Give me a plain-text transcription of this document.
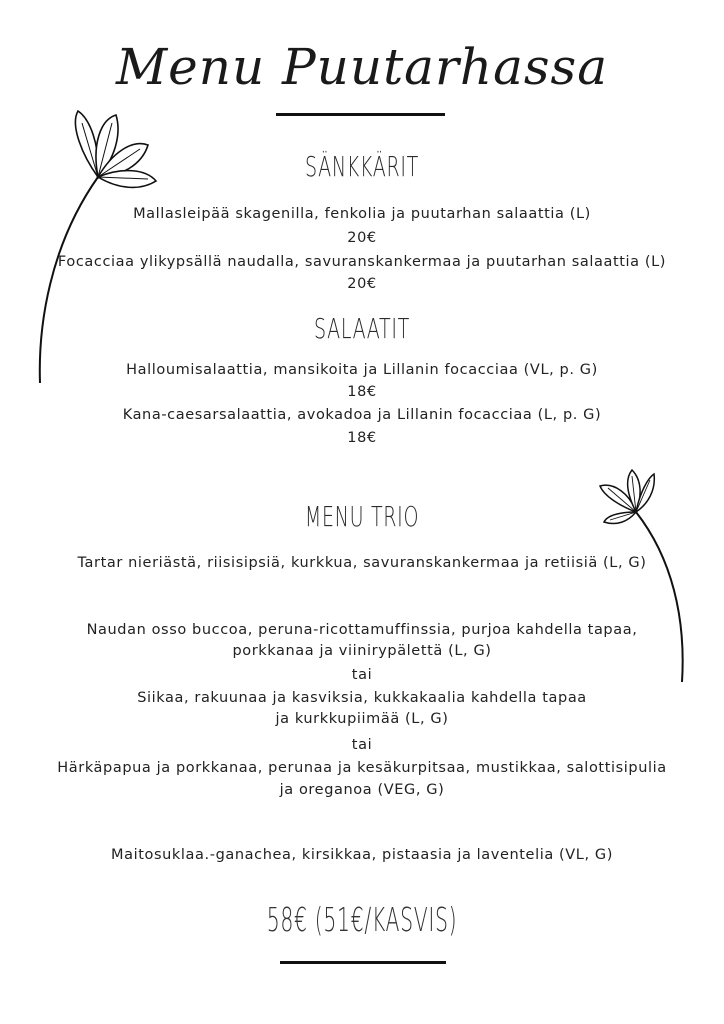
Menu Puutarhassa
SÄNKKÄRIT
Mallasleipää skagenilla, fenkolia ja puutarhan salaattia (L)
20€
Focacciaa ylikypsällä naudalla, savuranskankermaa ja puutarhan salaattia (L)
20€
SALAATIT
Halloumisalaattia, mansikoita ja Lillanin focacciaa (VL, p. G)
18€
Kana-caesarsalaattia, avokadoa ja Lillanin focacciaa (L, p. G)
18€
MENU TRIO
Tartar nieriästä, riisisipsiä, kurkkua, savuranskankermaa ja retiisiä (L, G)
Naudan osso buccoa, peruna-ricottamuffinssia, purjoa kahdella tapaa,
porkkanaa ja viinirypälettä (L, G)
tai
Siikaa, rakuunaa ja kasviksia, kukkakaalia kahdella tapaa
ja kurkkupiimää (L, G)
tai
Härkäpapua ja porkkanaa, perunaa ja kesäkurpitsaa, mustikkaa, salottisipulia
ja oreganoa (VEG, G)
Maitosuklaa.-ganachea, kirsikkaa, pistaasia ja laventelia (VL, G)
58€ (51€/KASVIS)
